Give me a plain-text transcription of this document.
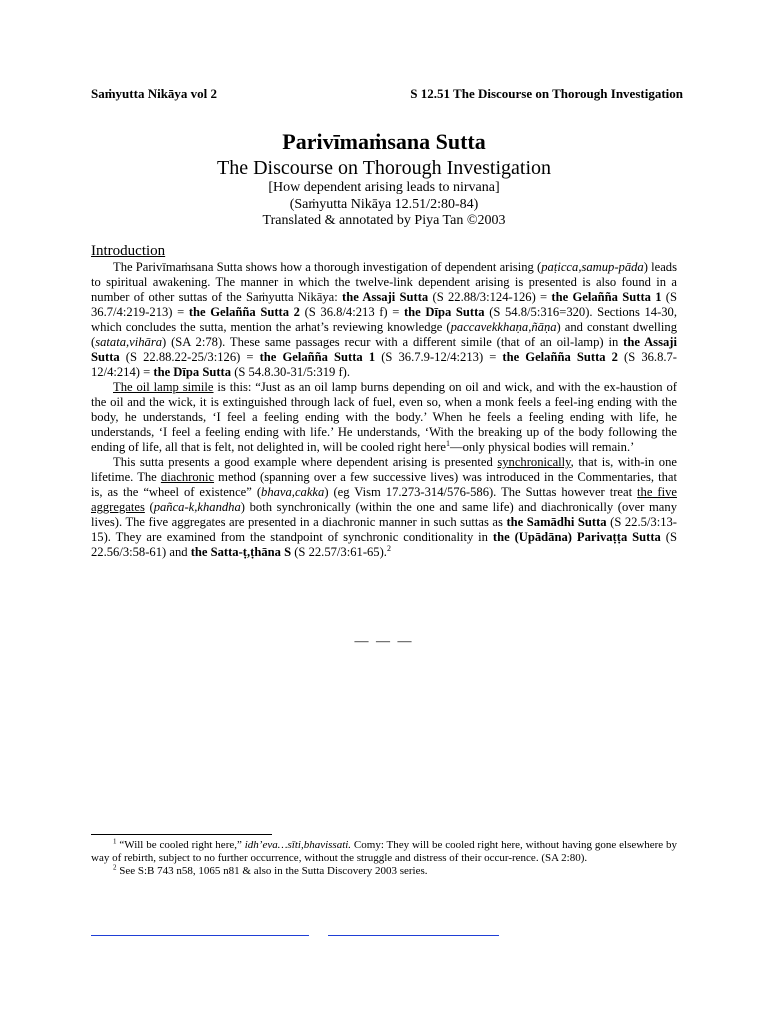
Saṁyutta Nikāya vol 2	S 12.51 The Discourse on Thorough Investigation
Parivīmaṁsana Sutta
The Discourse on Thorough Investigation
[How dependent arising leads to nirvana]
(Saṁyutta Nikāya 12.51/2:80-84)
Translated & annotated by Piya Tan ©2003
Introduction

The Parivīmaṁsana Sutta shows how a thorough investigation of dependent arising (paṭicca,samup-pāda) leads to spiritual awakening. The manner in which the twelve-link dependent arising is presented is also found in a number of other suttas of the Saṁyutta Nikāya: the Assaji Sutta (S 22.88/3:124-126) = the Gelañña Sutta 1 (S 36.7/4:219-213) = the Gelañña Sutta 2 (S 36.8/4:213 f) = the Dīpa Sutta (S 54.8/5:316=320). Sections 14-30, which concludes the sutta, mention the arhat’s reviewing knowledge (paccavekkhaṇa,ñāṇa) and constant dwelling (satata,vihāra) (SA 2:78). These same passages recur with a different simile (that of an oil-lamp) in the Assaji Sutta (S 22.88.22-25/3:126) = the Gelañña Sutta 1 (S 36.7.9-12/4:213) = the Gelañña Sutta 2 (S 36.8.7-12/4:214) = the Dīpa Sutta (S 54.8.30-31/5:319 f).

The oil lamp simile is this: “Just as an oil lamp burns depending on oil and wick, and with the ex-haustion of the oil and the wick, it is extinguished through lack of fuel, even so, when a monk feels a feel-ing ending with the body, he understands, ‘I feel a feeling ending with the body.’ When he feels a feeling ending with life, he understands, ‘I feel a feeling ending with life.’ He understands, ‘With the breaking up of the body following the ending of life, all that is felt, not delighted in, will be cooled right here$^1$—only physical bodies will remain.’

This sutta presents a good example where dependent arising is presented synchronically, that is, with-in one lifetime. The diachronic method (spanning over a few successive lives) was introduced in the Commentaries, that is, as the “wheel of existence” (bhava,cakka) (eg Vism 17.273-314/576-586). The Suttas however treat the five aggregates (pañca-k,khandha) both synchronically (within the one and same life) and diachronically (over many lives). The five aggregates are presented in a diachronic manner in such suttas as the Samādhi Sutta (S 22.5/3:13-15). They are examined from the standpoint of synchronic conditionality in the (Upādāna) Parivaṭṭa Sutta (S 22.56/3:58-61) and the Satta-ṭ,ṭhāna S (S 22.57/3:61-65).$^2$

— — —

$^1$ “Will be cooled right here,” idh’eva…sīti,bhavissati. Comy: They will be cooled right here, without having gone elsewhere by way of rebirth, subject to no further occurrence, without the struggle and distress of their occur-rence. (SA 2:80).

$^2$ See S:B 743 n58, 1065 n81 & also in the Sutta Discovery 2003 series.
